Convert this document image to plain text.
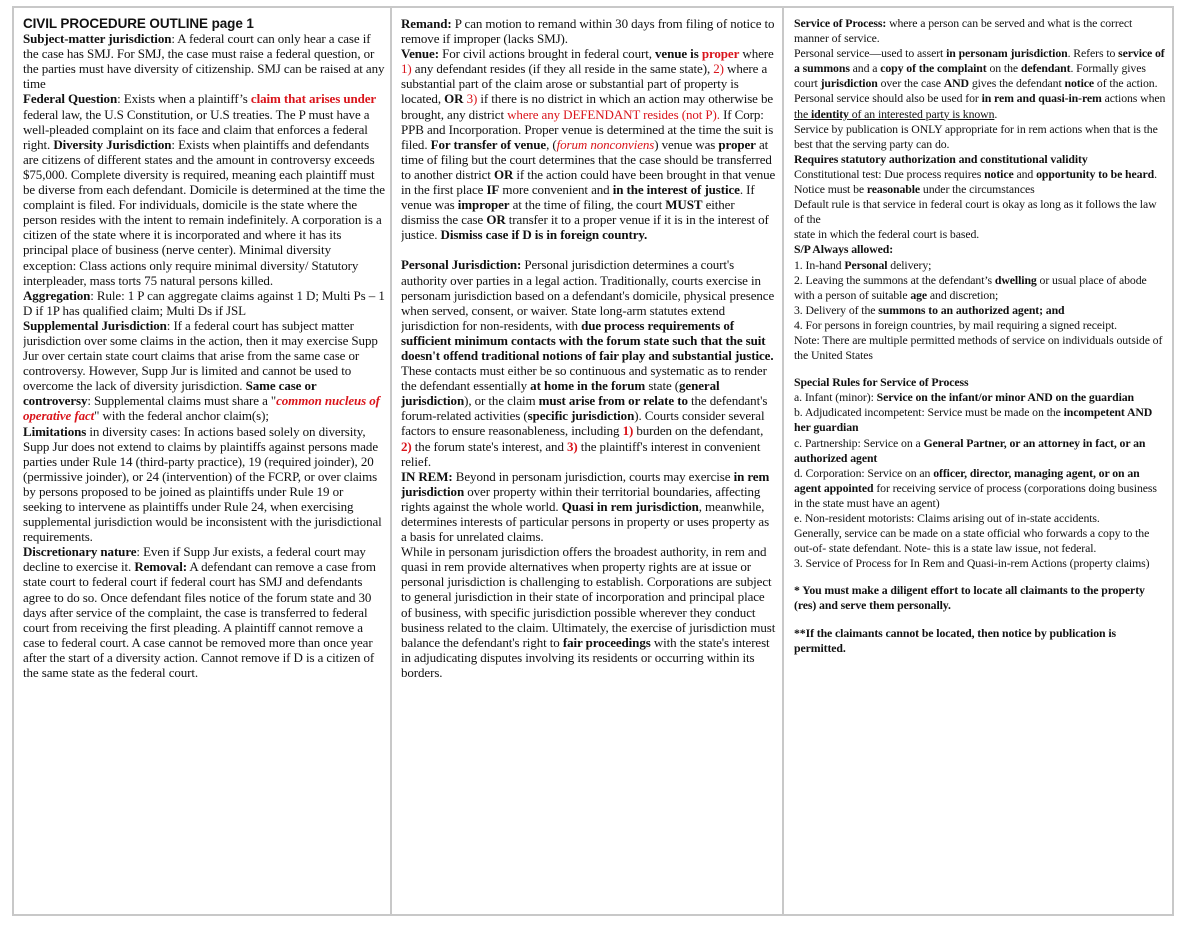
CIVIL PROCEDURE OUTLINE page 1

Subject-matter jurisdiction: A federal court can only hear a case if the case has SMJ. For SMJ, the case must raise a federal question, or the parties must have diversity of citizenship. SMJ can be raised at any time

Federal Question: Exists when a plaintiff’s claim that arises under federal law, the U.S Constitution, or U.S treaties. The P must have a well-pleaded complaint on its face and claim that enforces a federal right. Diversity Jurisdiction: Exists when plaintiffs and defendants are citizens of different states and the amount in controversy exceeds $75,000. Complete diversity is required, meaning each plaintiff must be diverse from each defendant. Domicile is determined at the time the complaint is filed. For individuals, domicile is the state where the person resides with the intent to remain indefinitely. A corporation is a citizen of the state where it is incorporated and where it has its principal place of business (nerve center). Minimal diversity exception: Class actions only require minimal diversity/ Statutory interpleader, mass torts 75 natural persons killed.

Aggregation: Rule: 1 P can aggregate claims against 1 D; Multi Ps – 1 D if 1P has qualified claim; Multi Ds if JSL

Supplemental Jurisdiction: If a federal court has subject matter jurisdiction over some claims in the action, then it may exercise Supp Jur over certain state court claims that arise from the same case or controversy. However, Supp Jur is limited and cannot be used to overcome the lack of diversity jurisdiction. Same case or controversy: Supplemental claims must share a "common nucleus of operative fact" with the federal anchor claim(s);

Limitations in diversity cases: In actions based solely on diversity, Supp Jur does not extend to claims by plaintiffs against persons made parties under Rule 14 (third-party practice), 19 (required joinder), 20 (permissive joinder), or 24 (intervention) of the FCRP, or over claims by persons proposed to be joined as plaintiffs under Rule 19 or seeking to intervene as plaintiffs under Rule 24, when exercising supplemental jurisdiction would be inconsistent with the jurisdictional requirements.

Discretionary nature: Even if Supp Jur exists, a federal court may decline to exercise it. Removal: A defendant can remove a case from state court to federal court if federal court has SMJ and defendants agree to do so. Once defendant files notice of the forum state and 30 days after service of the complaint, the case is transferred to federal court from receiving the first pleading. A plaintiff cannot remove a case to federal court. A case cannot be removed more than once year after the start of a diversity action. Cannot remove if D is a citizen of the same state as the federal court.

Remand: P can motion to remand within 30 days from filing of notice to remove if improper (lacks SMJ).

Venue: For civil actions brought in federal court, venue is proper where 1) any defendant resides (if they all reside in the same state), 2) where a substantial part of the claim arose or substantial part of property is located, OR 3) if there is no district in which an action may otherwise be brought, any district where any DEFENDANT resides (not P). If Corp: PPB and Incorporation. Proper venue is determined at the time the suit is filed. For transfer of venue, (forum nonconviens) venue was proper at time of filing but the court determines that the case should be transferred to another district OR if the action could have been brought in that venue in the first place IF more convenient and in the interest of justice. If venue was improper at the time of filing, the court MUST either dismiss the case OR transfer it to a proper venue if it is in the interest of justice. Dismiss case if D is in foreign country.

Personal Jurisdiction: Personal jurisdiction determines a court's authority over parties in a legal action. Traditionally, courts exercise in personam jurisdiction based on a defendant's domicile, physical presence when served, consent, or waiver. State long-arm statutes extend jurisdiction for non-residents, with due process requirements of sufficient minimum contacts with the forum state such that the suit doesn't offend traditional notions of fair play and substantial justice. These contacts must either be so continuous and systematic as to render the defendant essentially at home in the forum state (general jurisdiction), or the claim must arise from or relate to the defendant's forum-related activities (specific jurisdiction). Courts consider several factors to ensure reasonableness, including 1) burden on the defendant, 2) the forum state's interest, and 3) the plaintiff's interest in convenient relief.

IN REM: Beyond in personam jurisdiction, courts may exercise in rem jurisdiction over property within their territorial boundaries, affecting rights against the whole world. Quasi in rem jurisdiction, meanwhile, determines interests of particular persons in property or uses property as a basis for unrelated claims.

While in personam jurisdiction offers the broadest authority, in rem and quasi in rem provide alternatives when property rights are at issue or personal jurisdiction is challenging to establish. Corporations are subject to general jurisdiction in their state of incorporation and principal place of business, with specific jurisdiction possible wherever they conduct business related to the claim. Ultimately, the exercise of jurisdiction must balance the defendant's right to fair proceedings with the state's interest in adjudicating disputes involving its residents or occurring within its borders.

Service of Process: where a person can be served and what is the correct manner of service.

Personal service—used to assert in personam jurisdiction. Refers to service of a summons and a copy of the complaint on the defendant. Formally gives court jurisdiction over the case AND gives the defendant notice of the action.

Personal service should also be used for in rem and quasi-in-rem actions when the identity of an interested party is known.

Service by publication is ONLY appropriate for in rem actions when that is the best that the serving party can do.

Requires statutory authorization and constitutional validity

Constitutional test: Due process requires notice and opportunity to be heard. Notice must be reasonable under the circumstances

Default rule is that service in federal court is okay as long as it follows the law of the

state in which the federal court is based.

S/P Always allowed:

1. In-hand Personal delivery;

2. Leaving the summons at the defendant’s dwelling or usual place of abode with a person of suitable age and discretion;

3. Delivery of the summons to an authorized agent; and

4. For persons in foreign countries, by mail requiring a signed receipt.

Note: There are multiple permitted methods of service on individuals outside of the United States

Special Rules for Service of Process

a. Infant (minor): Service on the infant/or minor AND on the guardian

b. Adjudicated incompetent: Service must be made on the incompetent AND her guardian

c. Partnership: Service on a General Partner, or an attorney in fact, or an authorized agent

d. Corporation: Service on an officer, director, managing agent, or on an agent appointed for receiving service of process (corporations doing business in the state must have an agent)

e. Non-resident motorists: Claims arising out of in-state accidents.

Generally, service can be made on a state official who forwards a copy to the out-of- state defendant. Note- this is a state law issue, not federal.

3. Service of Process for In Rem and Quasi-in-rem Actions (property claims)

* You must make a diligent effort to locate all claimants to the property (res) and serve them personally.

**If the claimants cannot be located, then notice by publication is permitted.
